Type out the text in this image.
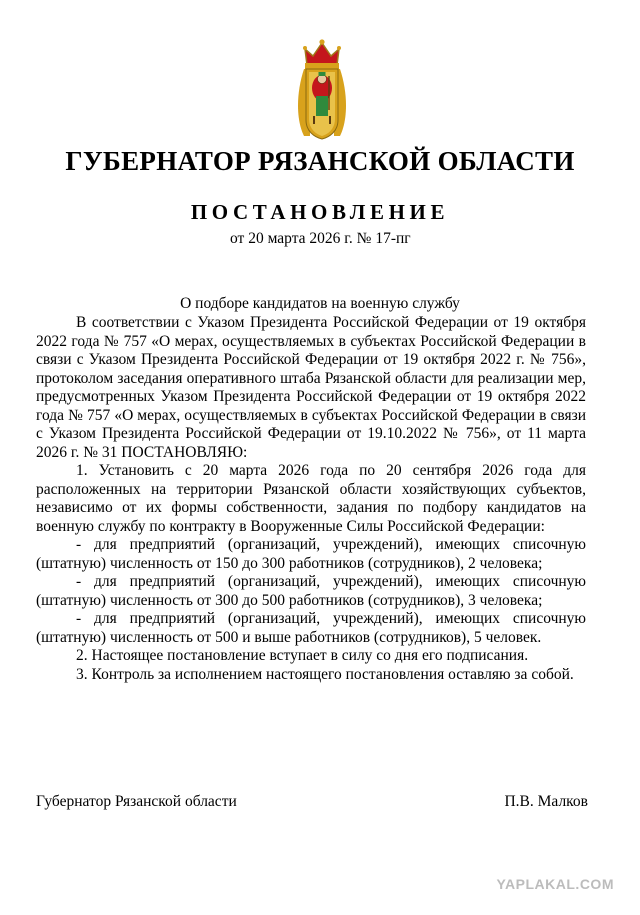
ГУБЕРНАТОР РЯЗАНСКОЙ ОБЛАСТИ
ПОСТАНОВЛЕНИЕ
от 20 марта 2026 г. № 17-пг
О подборе кандидатов на военную службу

В соответствии с Указом Президента Российской Федерации от 19 октября 2022 года № 757 «О мерах, осуществляемых в субъектах Российской Федерации в связи с Указом Президента Российской Федерации от 19 октября 2022 г. № 756», протоколом заседания оперативного штаба Рязанской области для реализации мер, предусмотренных Указом Президента Российской Федерации от 19 октября 2022 года № 757 «О мерах, осуществляемых в субъектах Российской Федерации в связи с Указом Президента Российской Федерации от 19.10.2022 № 756», от 11 марта 2026 г. № 31 ПОСТАНОВЛЯЮ:

1. Установить с 20 марта 2026 года по 20 сентября 2026 года для расположенных на территории Рязанской области хозяйствующих субъектов, независимо от их формы собственности, задания по подбору кандидатов на военную службу по контракту в Вооруженные Силы Российской Федерации:

- для предприятий (организаций, учреждений), имеющих списочную (штатную) численность от 150 до 300 работников (сотрудников), 2 человека;

- для предприятий (организаций, учреждений), имеющих списочную (штатную) численность от 300 до 500 работников (сотрудников), 3 человека;

- для предприятий (организаций, учреждений), имеющих списочную (штатную) численность от 500 и выше работников (сотрудников), 5 человек.

2. Настоящее постановление вступает в силу со дня его подписания.

3. Контроль за исполнением настоящего постановления оставляю за собой.

Губернатор Рязанской области	П.В. Малков
YAPLAKAL.COM
